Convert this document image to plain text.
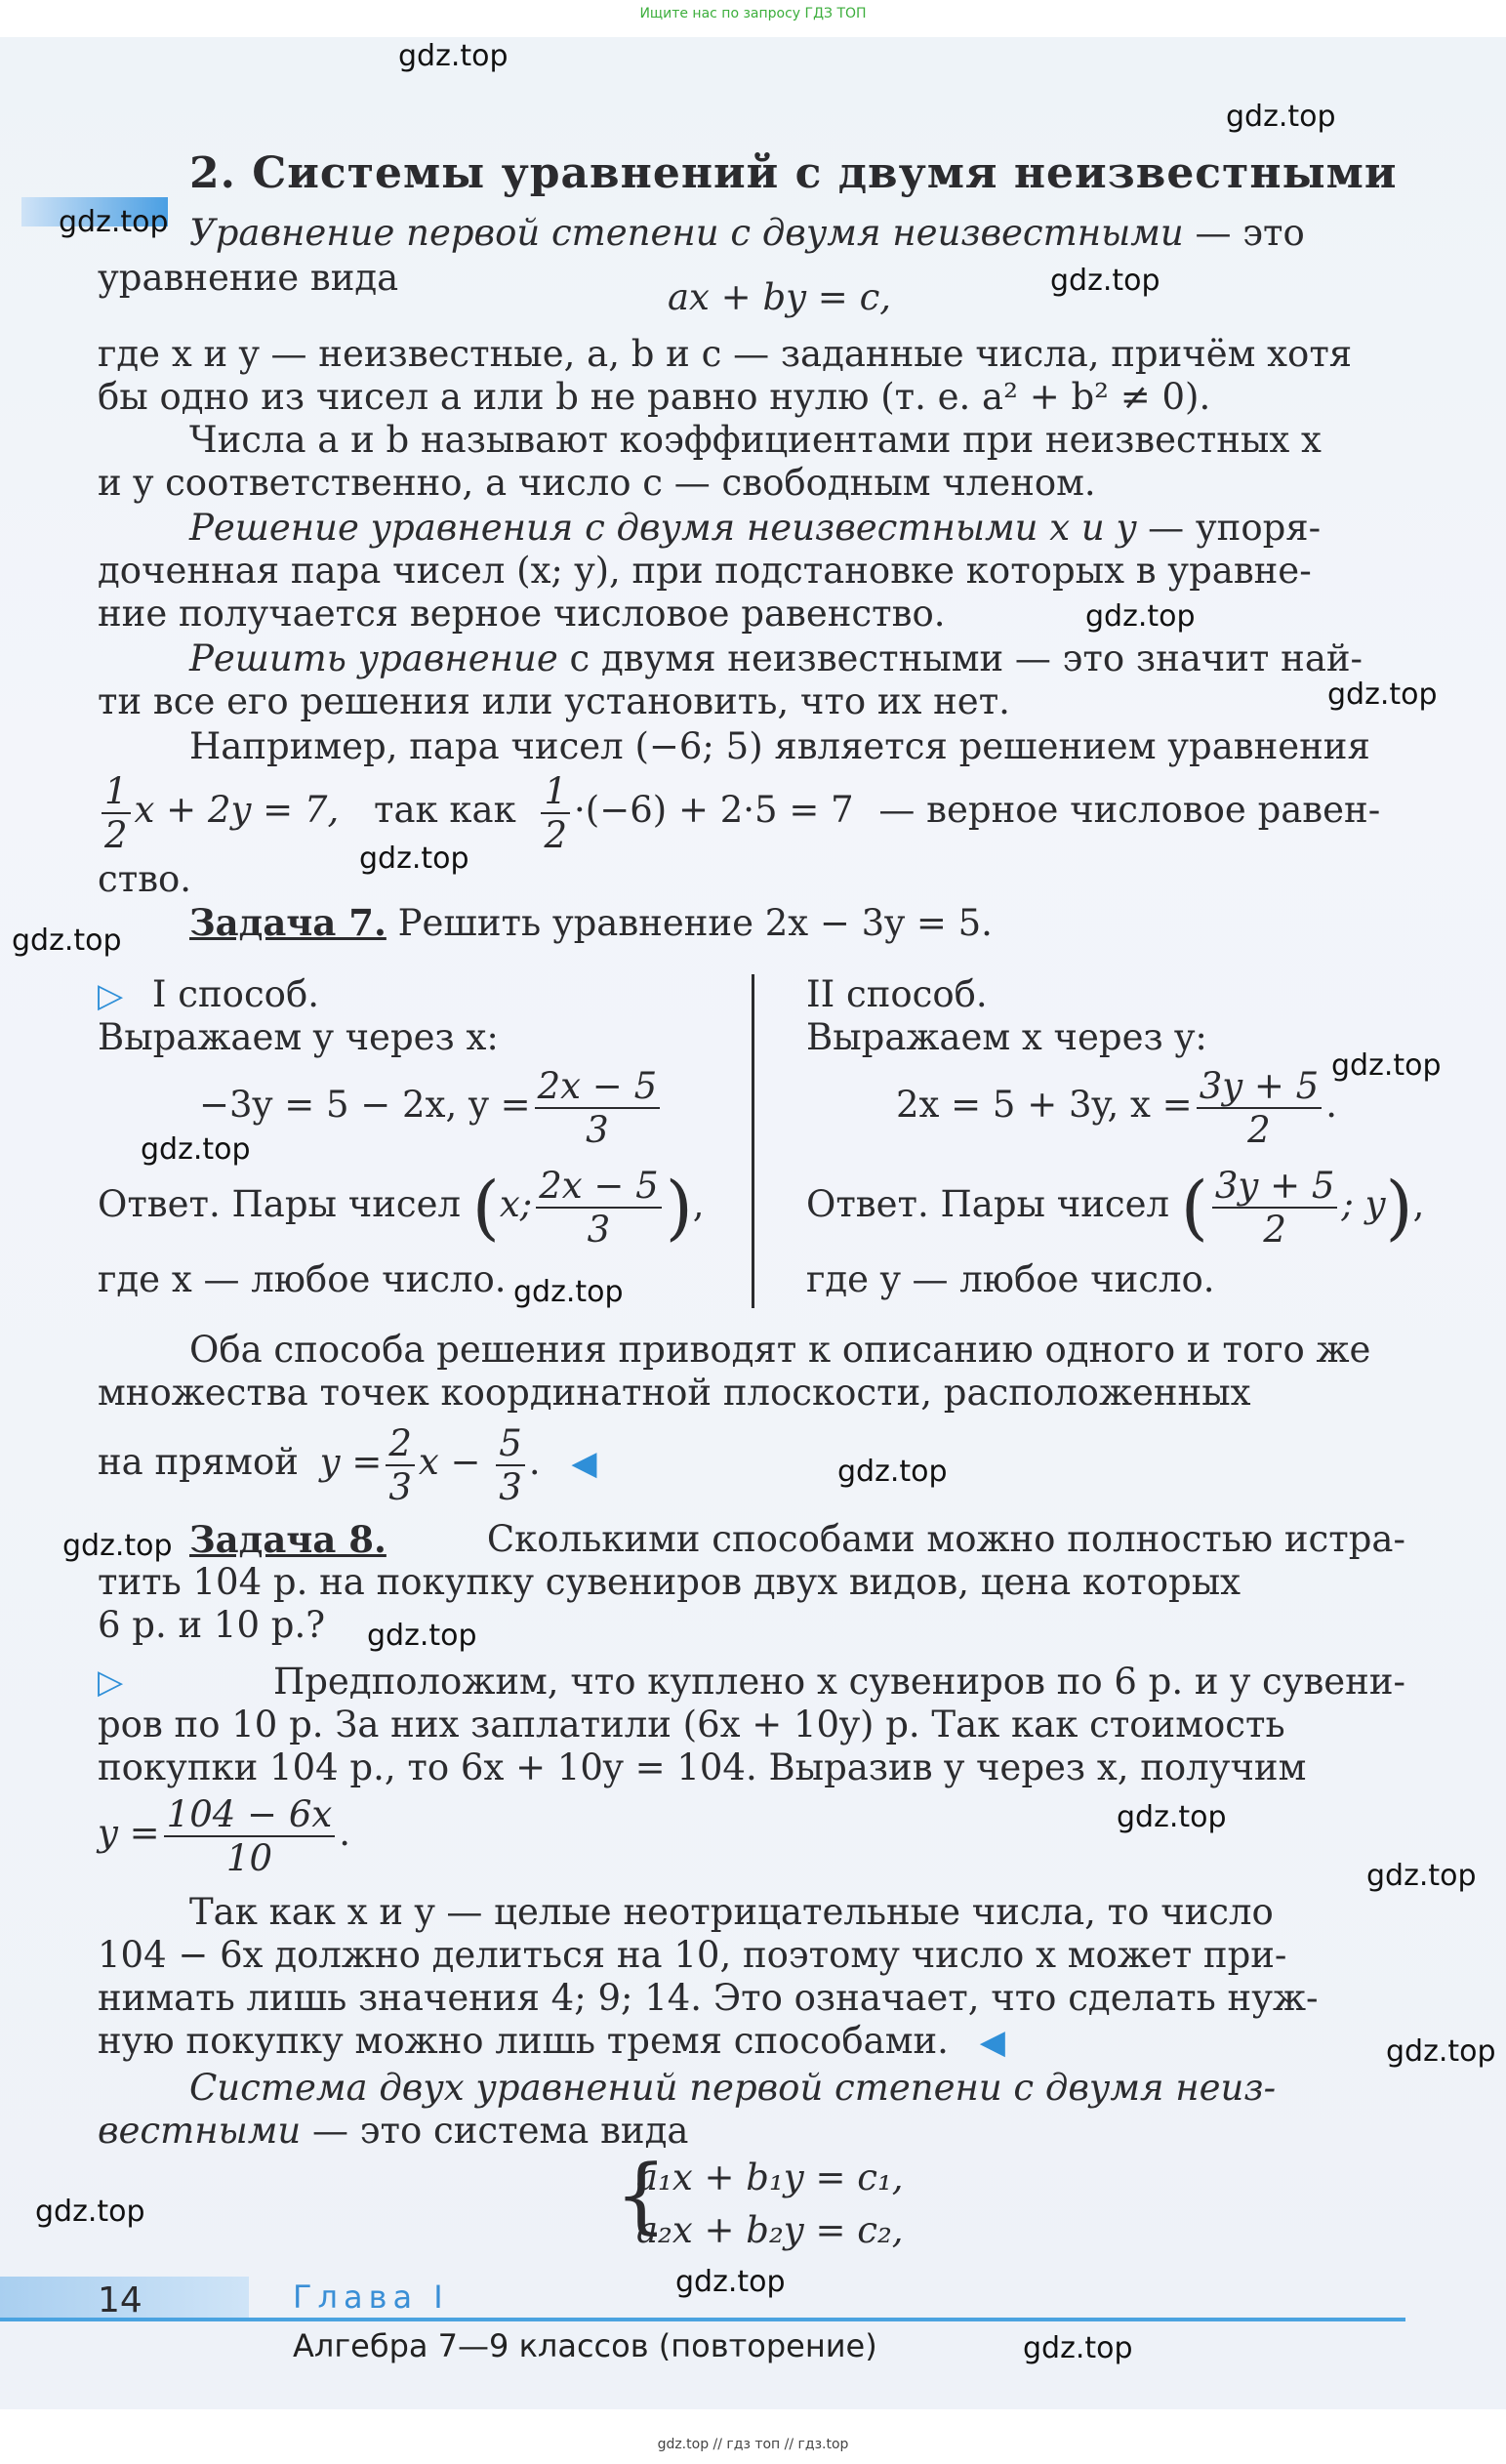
Ищите нас по запросу ГДЗ ТОП
gdz.top
gdz.top
gdz.top
gdz.top
gdz.top
gdz.top
gdz.top
gdz.top
gdz.top
gdz.top
gdz.top
gdz.top
gdz.top
gdz.top
gdz.top
gdz.top
gdz.top
gdz.top
gdz.top
gdz.top
2. Системы уравнений с двумя неизвестными
Уравнение первой степени с двумя неизвестными — это
уравнение вида	ax + by = c,
где x и y — неизвестные, a, b и c — заданные числа, причём хотя
бы одно из чисел a или b не равно нулю (т. е. a² + b² ≠ 0).
Числа a и b называют коэффициентами при неизвестных x
и y соответственно, а число c — свободным членом.
Решение уравнения с двумя неизвестными x и y — упоря-
доченная пара чисел (x; y), при подстановке которых в уравне-
ние получается верное числовое равенство.
Решить уравнение с двумя неизвестными — это значит най-
ти все его решения или установить, что их нет.
Например, пара чисел (−6; 5) является решением уравнения
$\frac{1}{2}$ x + 2y = 7, так как $\frac{1}{2} \cdot(-6) + 2\cdot 5 = 7$ — верное числовое равен-
ство.
Задача 7. Решить уравнение 2x − 3y = 5.
▷ I способ.
Выражаем y через x:
−3y = 5 − 2x, $y = \frac{2x - 5}{3}$
Ответ. Пары чисел (x; $\frac{2x - 5}{3}$ ),
где x — любое число.
II способ.
Выражаем x через y:
2x = 5 + 3y, $x = \frac{3y + 5}{2}$ .
Ответ. Пары чисел ( $\frac{3y + 5}{2}$ ; y),
где y — любое число.
Оба способа решения приводят к описанию одного и того же
множества точек координатной плоскости, расположенных
на прямой $y = \frac{2}{3}$ $x - \frac{5}{3}$ . ◀
Задача 8.	Сколькими способами можно полностью истра-
тить 104 р. на покупку сувениров двух видов, цена которых
6 р. и 10 р.?
▷	Предположим, что куплено x сувениров по 6 р. и y сувени-
ров по 10 р. За них заплатили (6x + 10y) р. Так как стоимость
покупки 104 р., то 6x + 10y = 104. Выразив y через x, получим
$y = \frac{104 - 6x}{10}$ .
Так как x и y — целые неотрицательные числа, то число
104 − 6x должно делиться на 10, поэтому число x может при-
нимать лишь значения 4; 9; 14. Это означает, что сделать нуж-
ную покупку можно лишь тремя способами. ◀
Система двух уравнений первой степени с двумя неиз-
вестными — это система вида
{
a₁x + b₁y = c₁,
a₂x + b₂y = c₂,
14	Глава I
Алгебра 7—9 классов (повторение)
gdz.top // гдз топ // гдз.top
